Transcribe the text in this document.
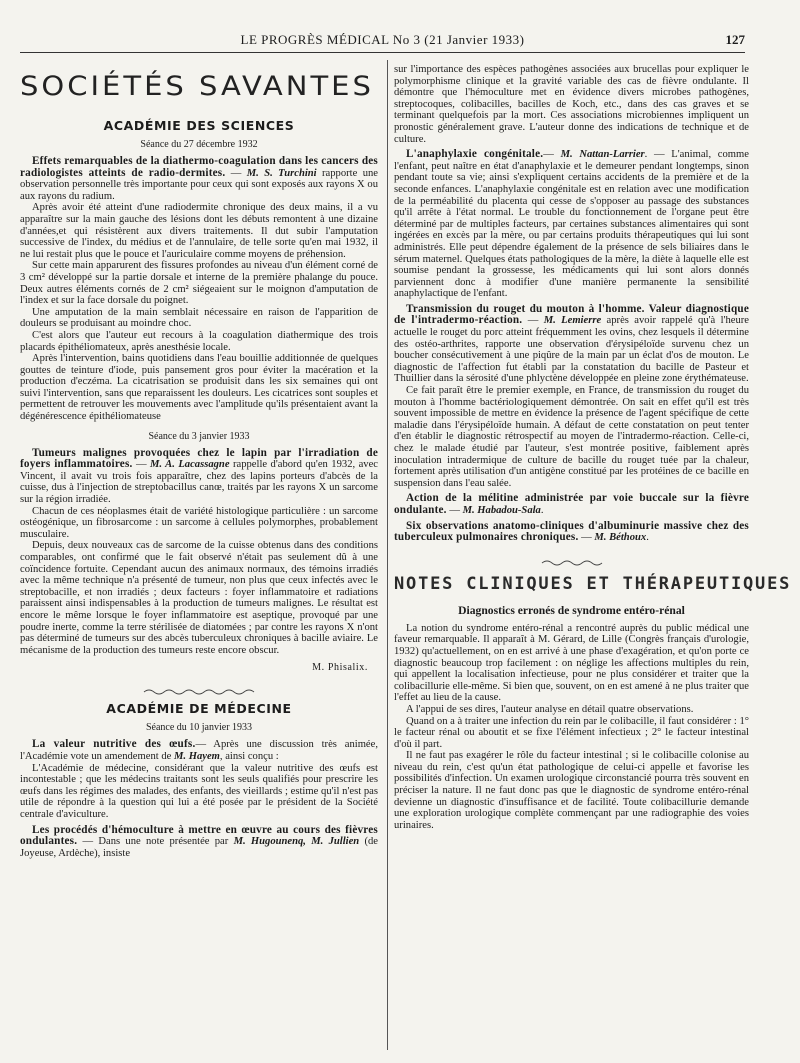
LE PROGRÈS MÉDICAL No 3 (21 Janvier 1933)	127
SOCIÉTÉS SAVANTES
ACADÉMIE DES SCIENCES
Séance du 27 décembre 1932

Effets remarquables de la diathermo-coagulation dans les cancers des radiologistes atteints de radio-dermites. — M. S. Turchini rapporte une observation personnelle très importante pour ceux qui sont exposés aux rayons X ou aux rayons du radium.

Après avoir été atteint d'une radiodermite chronique des deux mains, il a vu apparaître sur la main gauche des lésions dont les débuts remontent à une dizaine d'années,et qui résistèrent aux divers traitements. Il dut subir l'amputation successive de l'index, du médius et de l'annulaire, de telle sorte qu'en mai 1932, il ne lui restait plus que le pouce et l'auriculaire comme moyens de préhension.

Sur cette main apparurent des fissures profondes au niveau d'un élément corné de 3 cm² développé sur la partie dorsale et interne de la première phalange du pouce. Deux autres éléments cornés de 2 cm² siégeaient sur le moignon d'amputation de l'index et sur la face dorsale du poignet.

Une amputation de la main semblait nécessaire en raison de l'apparition de douleurs se produisant au moindre choc.

C'est alors que l'auteur eut recours à la coagulation diathermique des trois placards épithéliomateux, après anesthésie locale.

Après l'intervention, bains quotidiens dans l'eau bouillie additionnée de quelques gouttes de teinture d'iode, puis pansement gros pour éviter la macération et la production d'eczéma. La cicatrisation se produisit dans les six semaines qui ont suivi l'intervention, sans que reparaissent les douleurs. Les cicatrices sont souples et permettent de retrouver les mouvements avec l'amplitude qu'ils présentaient avant la dégénérescence épithéliomateuse

Séance du 3 janvier 1933

Tumeurs malignes provoquées chez le lapin par l'irradiation de foyers inflammatoires. — M. A. Lacassagne rappelle d'abord qu'en 1932, avec Vincent, il avait vu trois fois apparaître, chez des lapins porteurs d'abcès de la cuisse, dus à l'injection de streptobacillus canœ, traités par les rayons X un sarcome sur la région irradiée.

Chacun de ces néoplasmes était de variété histologique particulière : un sarcome ostéogénique, un fibrosarcome : un sarcome à cellules polymorphes, probablement musculaire.

Depuis, deux nouveaux cas de sarcome de la cuisse obtenus dans des conditions comparables, ont confirmé que le fait observé n'était pas seulement dû à une coïncidence fortuite. Cependant aucun des animaux normaux, des témoins irradiés avec la même technique n'a présenté de tumeur, non plus que ceux infectés avec le streptobacille, et non irradiés ; deux facteurs : foyer inflammatoire et radiations paraissent ainsi indispensables à la production de tumeurs malignes. Le résultat est encore le même lorsque le foyer inflammatoire est aseptique, provoqué par une poudre inerte, comme la terre stérilisée de diatomées ; par contre les rayons X n'ont pas déterminé de tumeurs sur des abcès tuberculeux chroniques à bacille aviaire. Le mécanisme de la production des tumeurs reste encore obscur.

M. Phisalix.
ACADÉMIE DE MÉDECINE
Séance du 10 janvier 1933

La valeur nutritive des œufs.— Après une discussion très animée, l'Académie vote un amendement de M. Hayem, ainsi conçu :

L'Académie de médecine, considérant que la valeur nutritive des œufs est incontestable ; que les médecins traitants sont les seuls qualifiés pour prescrire les œufs dans les régimes des malades, des enfants, des vieillards ; estime qu'il n'est pas utile de répondre à la question qui lui a été posée par le président de la Société centrale d'aviculture.

Les procédés d'hémoculture à mettre en œuvre au cours des fièvres ondulantes. — Dans une note présentée par M. Hugounenq, M. Jullien (de Joyeuse, Ardèche), insiste

sur l'importance des espèces pathogènes associées aux brucellas pour expliquer le polymorphisme clinique et la gravité variable des cas de fièvre ondulante. Il démontre que l'hémoculture met en évidence divers microbes pathogènes, streptocoques, colibacilles, bacilles de Koch, etc., dans des cas graves et se terminant quelquefois par la mort. Ces associations microbiennes impliquent un pronostic généralement grave. L'auteur donne des indications de technique et de culture.

L'anaphylaxie congénitale.— M. Nattan-Larrier. — L'animal, comme l'enfant, peut naître en état d'anaphylaxie et le demeurer pendant longtemps, sinon pendant toute sa vie; ainsi s'expliquent certains accidents de la première et de la seconde enfances. L'anaphylaxie congénitale est en relation avec une modification de la perméabilité du placenta qui cesse de s'opposer au passage des substances qu'il arrête à l'état normal. Le trouble du fonctionnement de l'organe peut être déterminé par de multiples facteurs, par certaines substances alimentaires qui sont ingérées en excès par la mère, ou par certains produits thérapeutiques qui lui sont administrés. Elle peut dépendre également de la présence de sels biliaires dans le sérum maternel. Quelques états pathologiques de la mère, la diète à laquelle elle est soumise pendant la grossesse, les médicaments qui lui sont alors donnés parviennent donc à modifier d'une manière permanente la sensibilité anaphylactique de l'enfant.

Transmission du rouget du mouton à l'homme. Valeur diagnostique de l'intradermo-réaction. — M. Lemierre après avoir rappelé qu'à l'heure actuelle le rouget du porc atteint fréquemment les ovins, chez lesquels il détermine des ostéo-arthrites, rapporte une observation d'érysipéloïde survenu chez un boucher consécutivement à une piqûre de la main par un éclat d'os de mouton. Le diagnostic de l'affection fut établi par la constatation du bacille de Pasteur et Thuillier dans la sérosité d'une phlyctène développée en pleine zone érythémateuse.

Ce fait paraît être le premier exemple, en France, de transmission du rouget du mouton à l'homme bactériologiquement démontrée. On sait en effet qu'il est très souvent impossible de mettre en évidence la présence de l'agent spécifique de cette maladie dans l'érysipéloïde humain. A défaut de cette constatation on peut tenter d'en établir le diagnostic rétrospectif au moyen de l'intradermo-réaction. Celle-ci, chez le malade étudié par l'auteur, s'est montrée positive, faiblement après inoculation intradermique de culture de bacille du rouget tuée par la chaleur, fortement après utilisation d'un antigène constitué par les protéines de ce bacille en suspension dans l'eau salée.

Action de la mélitine administrée par voie buccale sur la fièvre ondulante. — M. Habadou-Sala.

Six observations anatomo-cliniques d'albuminurie massive chez des tuberculeux pulmonaires chroniques. — M. Béthoux.

NOTES CLINIQUES ET THÉRAPEUTIQUES
Diagnostics erronés de syndrome entéro-rénal

La notion du syndrome entéro-rénal a rencontré auprès du public médical une faveur remarquable. Il apparaît à M. Gérard, de Lille (Congrès français d'urologie, 1932) qu'actuellement, on en est arrivé à une phase d'exagération, et qu'on porte ce diagnostic beaucoup trop facilement : on néglige les affections multiples du rein, qui appellent la localisation infectieuse, pour ne plus considérer et traiter que la colibacillurie elle-même. Si bien que, souvent, on en est amené à ne plus traiter que l'effet au lieu de la cause.

A l'appui de ses dires, l'auteur analyse en détail quatre observations.

Quand on a à traiter une infection du rein par le colibacille, il faut considérer : 1° le facteur rénal ou aboutit et se fixe l'élément infectieux ; 2° le facteur intestinal d'où il part.

Il ne faut pas exagérer le rôle du facteur intestinal ; si le colibacille colonise au niveau du rein, c'est qu'un état pathologique de celui-ci appelle et favorise les possibilités d'infection. Un examen urologique circonstancié pourra très souvent en préciser la nature. Il ne faut donc pas que le diagnostic de syndrome entéro-rénal devienne un diagnostic d'insuffisance et de facilité. Toute colibacillurie demande une exploration urologique complète commençant par une radiographie des voies urinaires.
